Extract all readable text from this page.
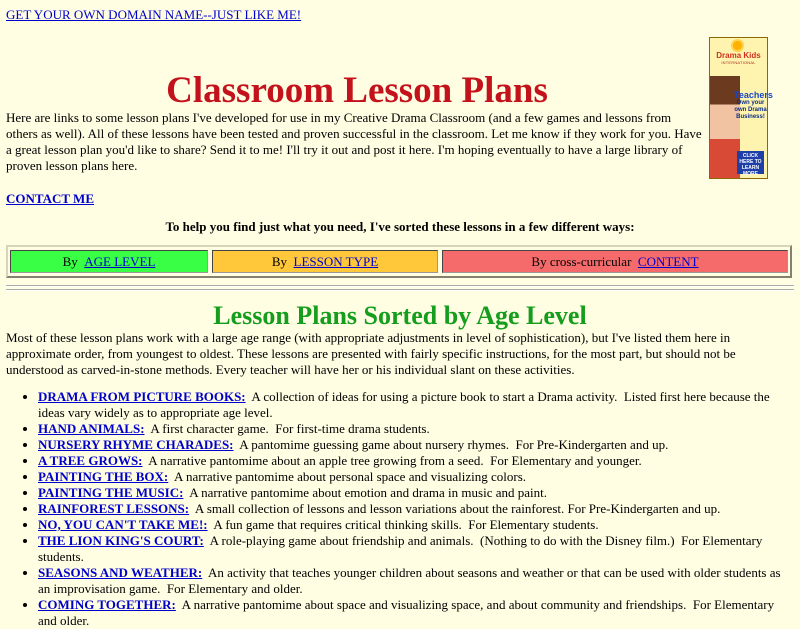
GET YOUR OWN DOMAIN NAME--JUST LIKE ME!
Drama Kids
INTERNATIONAL
Teachers
Own your own Drama Business!
CLICK HERE TO LEARN MORE
Classroom Lesson Plans

Here are links to some lesson plans I've developed for use in my Creative Drama Classroom (and a few games and lessons from others as well). All of these lessons have been tested and proven successful in the classroom. Let me know if they work for you. Have a great lesson plan you'd like to share? Send it to me! I'll try it out and post it here. I'm hoping eventually to have a large library of proven lesson plans here.

CONTACT ME
To help you find just what you need, I've sorted these lessons in a few different ways:
By
AGE LEVEL	By
LESSON TYPE	By cross-curricular
CONTENT
Lesson Plans Sorted by Age Level

Most of these lesson plans work with a large age range (with appropriate adjustments in level of sophistication), but I've listed them here in approximate order, from youngest to oldest. These lessons are presented with fairly specific instructions, for the most part, but should not be understood as carved-in-stone methods. Every teacher will have her or his individual slant on these activities.

• DRAMA FROM PICTURE BOOKS:  A collection of ideas for using a picture book to start a Drama activity.  Listed first here because the ideas vary widely as to appropriate age level.
• HAND ANIMALS:  A first character game.  For first-time drama students.
• NURSERY RHYME CHARADES:  A pantomime guessing game about nursery rhymes.  For Pre-Kindergarten and up.
• A TREE GROWS:  A narrative pantomime about an apple tree growing from a seed.  For Elementary and younger.
• PAINTING THE BOX:  A narrative pantomime about personal space and visualizing colors.
• PAINTING THE MUSIC:  A narrative pantomime about emotion and drama in music and paint.
• RAINFOREST LESSONS:  A small collection of lessons and lesson variations about the rainforest. For Pre-Kindergarten and up.
• NO, YOU CAN'T TAKE ME!:  A fun game that requires critical thinking skills.  For Elementary students.
• THE LION KING'S COURT:  A role-playing game about friendship and animals.  (Nothing to do with the Disney film.)  For Elementary students.
• SEASONS AND WEATHER:  An activity that teaches younger children about seasons and weather or that can be used with older students as an improvisation game.  For Elementary and older.
• COMING TOGETHER:  A narrative pantomime about space and visualizing space, and about community and friendships.  For Elementary and older.
